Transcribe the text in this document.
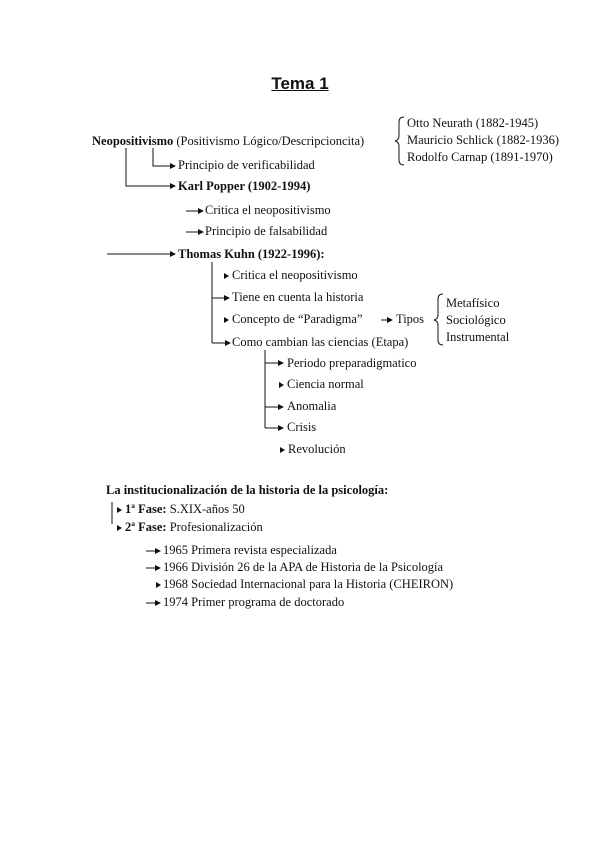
Tema 1
Neopositivismo (Positivismo Lógico/Descripcioncita)
Otto Neurath (1882-1945)
Mauricio Schlick (1882-1936)
Rodolfo Carnap (1891-1970)
Principio de verificabilidad
Karl Popper (1902-1994)
Critica el neopositivismo
Principio de falsabilidad
Thomas Kuhn (1922-1996):
Critica el neopositivismo
Tiene en cuenta la historia
Concepto de “Paradigma”
Como cambian las ciencias (Etapa)
Tipos
Metafísico
Sociológico
Instrumental
Periodo preparadigmatico
Ciencia normal
Anomalia
Crisis
Revolución
La institucionalización de la historia de la psicología:
1ª Fase: S.XIX-años 50
2ª Fase: Profesionalización
1965 Primera revista especializada
1966 División 26 de la APA de Historia de la Psicología
1968 Sociedad Internacional para la Historia (CHEIRON)
1974 Primer programa de doctorado
